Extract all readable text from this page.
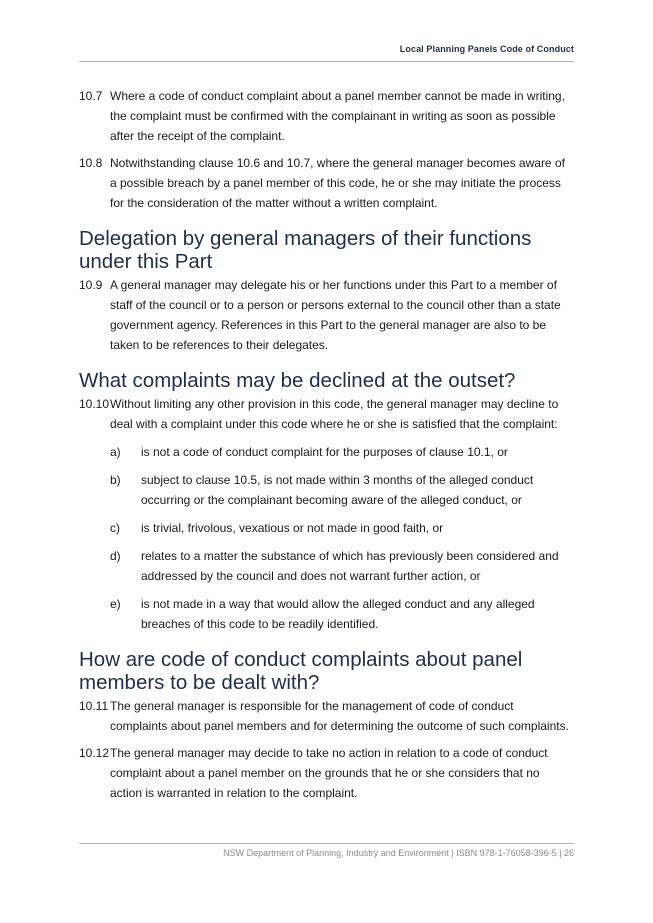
Local Planning Panels Code of Conduct
10.7 Where a code of conduct complaint about a panel member cannot be made in writing, the complaint must be confirmed with the complainant in writing as soon as possible after the receipt of the complaint.
10.8 Notwithstanding clause 10.6 and 10.7, where the general manager becomes aware of a possible breach by a panel member of this code, he or she may initiate the process for the consideration of the matter without a written complaint.
Delegation by general managers of their functions under this Part
10.9 A general manager may delegate his or her functions under this Part to a member of staff of the council or to a person or persons external to the council other than a state government agency. References in this Part to the general manager are also to be taken to be references to their delegates.
What complaints may be declined at the outset?
10.10 Without limiting any other provision in this code, the general manager may decline to deal with a complaint under this code where he or she is satisfied that the complaint:
a) is not a code of conduct complaint for the purposes of clause 10.1, or
b) subject to clause 10.5, is not made within 3 months of the alleged conduct occurring or the complainant becoming aware of the alleged conduct, or
c) is trivial, frivolous, vexatious or not made in good faith, or
d) relates to a matter the substance of which has previously been considered and addressed by the council and does not warrant further action, or
e) is not made in a way that would allow the alleged conduct and any alleged breaches of this code to be readily identified.
How are code of conduct complaints about panel members to be dealt with?
10.11 The general manager is responsible for the management of code of conduct complaints about panel members and for determining the outcome of such complaints.
10.12 The general manager may decide to take no action in relation to a code of conduct complaint about a panel member on the grounds that he or she considers that no action is warranted in relation to the complaint.
NSW Department of Planning, Industry and Environment | ISBN 978-1-76058-396-5 | 26
